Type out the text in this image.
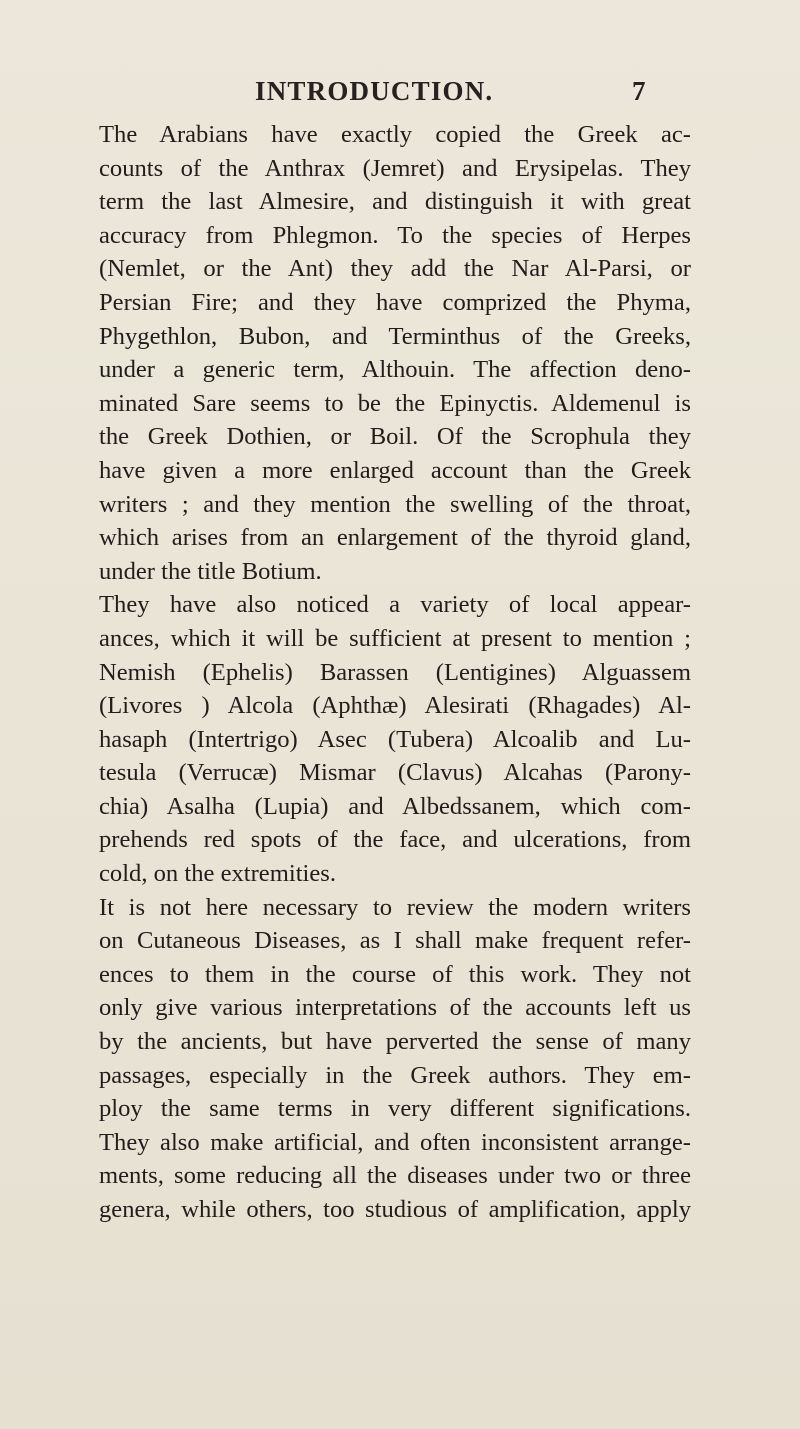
INTRODUCTION.	7
The Arabians have exactly copied the Greek ac-
counts of the Anthrax (Jemret) and Erysipelas. They
term the last Almesire, and distinguish it with great
accuracy from Phlegmon. To the species of Herpes
(Nemlet, or the Ant) they add the Nar Al-Parsi, or
Persian Fire; and they have comprized the Phyma,
Phygethlon, Bubon, and Terminthus of the Greeks,
under a generic term, Althouin. The affection deno-
minated Sare seems to be the Epinyctis. Aldemenul is
the Greek Dothien, or Boil. Of the Scrophula they
have given a more enlarged account than the Greek
writers ; and they mention the swelling of the throat,
which arises from an enlargement of the thyroid gland,
under the title Botium.
They have also noticed a variety of local appear-
ances, which it will be sufficient at present to mention ;
Nemish (Ephelis) Barassen (Lentigines) Alguassem
(Livores ) Alcola (Aphthæ) Alesirati (Rhagades) Al-
hasaph (Intertrigo) Asec (Tubera) Alcoalib and Lu-
tesula (Verrucæ) Mismar (Clavus) Alcahas (Parony-
chia) Asalha (Lupia) and Albedssanem, which com-
prehends red spots of the face, and ulcerations, from
cold, on the extremities.
It is not here necessary to review the modern writers
on Cutaneous Diseases, as I shall make frequent refer-
ences to them in the course of this work. They not
only give various interpretations of the accounts left us
by the ancients, but have perverted the sense of many
passages, especially in the Greek authors. They em-
ploy the same terms in very different significations.
They also make artificial, and often inconsistent arrange-
ments, some reducing all the diseases under two or three
genera, while others, too studious of amplification, apply
